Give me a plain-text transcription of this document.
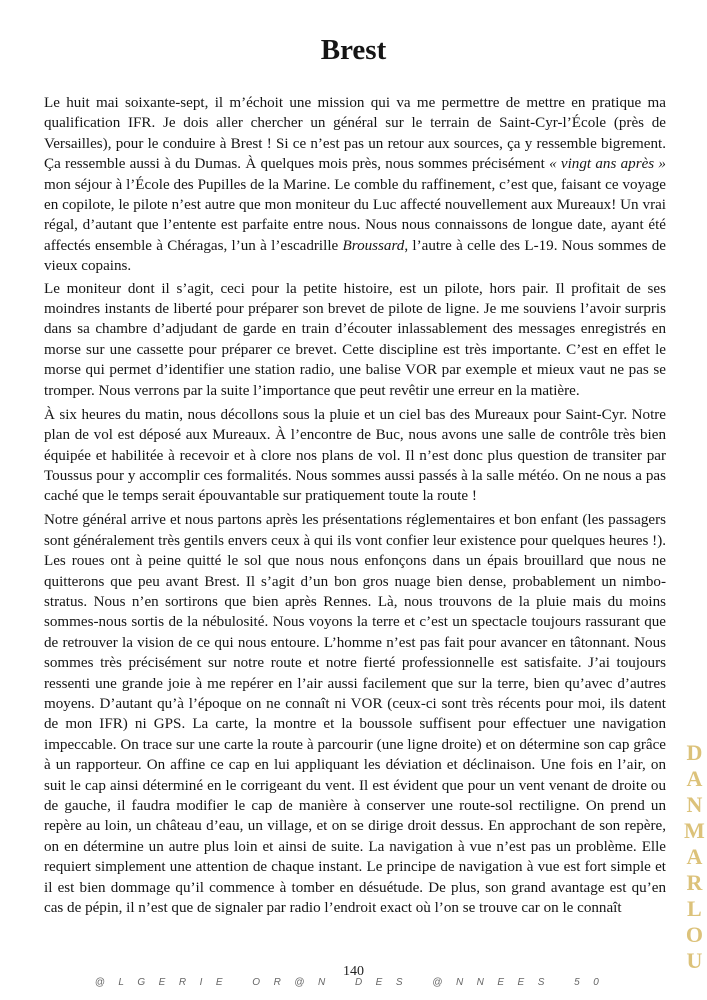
Brest

Le huit mai soixante-sept, il m’échoit une mission qui va me permettre de mettre en pratique ma qualification IFR. Je dois aller chercher un général sur le terrain de Saint-Cyr-l’École (près de Versailles), pour le conduire à Brest ! Si ce n’est pas un retour aux sources, ça y ressemble bigrement. Ça ressemble aussi à du Dumas. À quelques mois près, nous sommes précisément « vingt ans après » mon séjour à l’École des Pupilles de la Marine. Le comble du raffinement, c’est que, faisant ce voyage en copilote, le pilote n’est autre que mon moniteur du Luc affecté nouvellement aux Mureaux! Un vrai régal, d’autant que l’entente est parfaite entre nous. Nous nous connaissons de longue date, ayant été affectés ensemble à Chéragas, l’un à l’escadrille Broussard, l’autre à celle des L-19. Nous sommes de vieux copains.

Le moniteur dont il s’agit, ceci pour la petite histoire, est un pilote, hors pair. Il profitait de ses moindres instants de liberté pour préparer son brevet de pilote de ligne. Je me souviens l’avoir surpris dans sa chambre d’adjudant de garde en train d’écouter inlassablement des messages enregistrés en morse sur une cassette pour préparer ce brevet. Cette discipline est très importante. C’est en effet le morse qui permet d’identifier une station radio, une balise VOR par exemple et mieux vaut ne pas se tromper. Nous verrons par la suite l’importance que peut revêtir une erreur en la matière.

À six heures du matin, nous décollons sous la pluie et un ciel bas des Mureaux pour Saint-Cyr. Notre plan de vol est déposé aux Mureaux. À l’encontre de Buc, nous avons une salle de contrôle très bien équipée et habilitée à recevoir et à clore nos plans de vol. Il n’est donc plus question de transiter par Toussus pour y accomplir ces formalités. Nous sommes aussi passés à la salle météo. On ne nous a pas caché que le temps serait épouvantable sur pratiquement toute la route !

Notre général arrive et nous partons après les présentations réglementaires et bon enfant (les passagers sont généralement très gentils envers ceux à qui ils vont confier leur existence pour quelques heures !). Les roues ont à peine quitté le sol que nous nous enfonçons dans un épais brouillard que nous ne quitterons que peu avant Brest. Il s’agit d’un bon gros nuage bien dense, probablement un nimbo-stratus. Nous n’en sortirons que bien après Rennes. Là, nous trouvons de la pluie mais du moins sommes-nous sortis de la nébulosité. Nous voyons la terre et c’est un spectacle toujours rassurant que de retrouver la vision de ce qui nous entoure. L’homme n’est pas fait pour avancer en tâtonnant. Nous sommes très précisément sur notre route et notre fierté professionnelle est satisfaite. J’ai toujours ressenti une grande joie à me repérer en l’air aussi facilement que sur la terre, bien qu’avec d’autres moyens. D’autant qu’à l’époque on ne connaît ni VOR (ceux-ci sont très récents pour moi, ils datent de mon IFR) ni GPS. La carte, la montre et la boussole suffisent pour effectuer une navigation impeccable. On trace sur une carte la route à parcourir (une ligne droite) et on détermine son cap grâce à un rapporteur. On affine ce cap en lui appliquant les déviation et déclinaison. Une fois en l’air, on suit le cap ainsi déterminé en le corrigeant du vent. Il est évident que pour un vent venant de droite ou de gauche, il faudra modifier le cap de manière à conserver une route-sol rectiligne. On prend un repère au loin, un château d’eau, un village, et on se dirige droit dessus. En approchant de son repère, on en détermine un autre plus loin et ainsi de suite. La navigation à vue n’est pas un problème. Elle requiert simplement une attention de chaque instant. Le principe de navigation à vue est fort simple et il est bien dommage qu’il commence à tomber en désuétude. De plus, son grand avantage est qu’en cas de pépin, il n’est que de signaler par radio l’endroit exact où l’on se trouve car on le connaît

D
A
N
M
A
R
L
O
U
140
@LGERIE OR@N DES @NNEES 50
